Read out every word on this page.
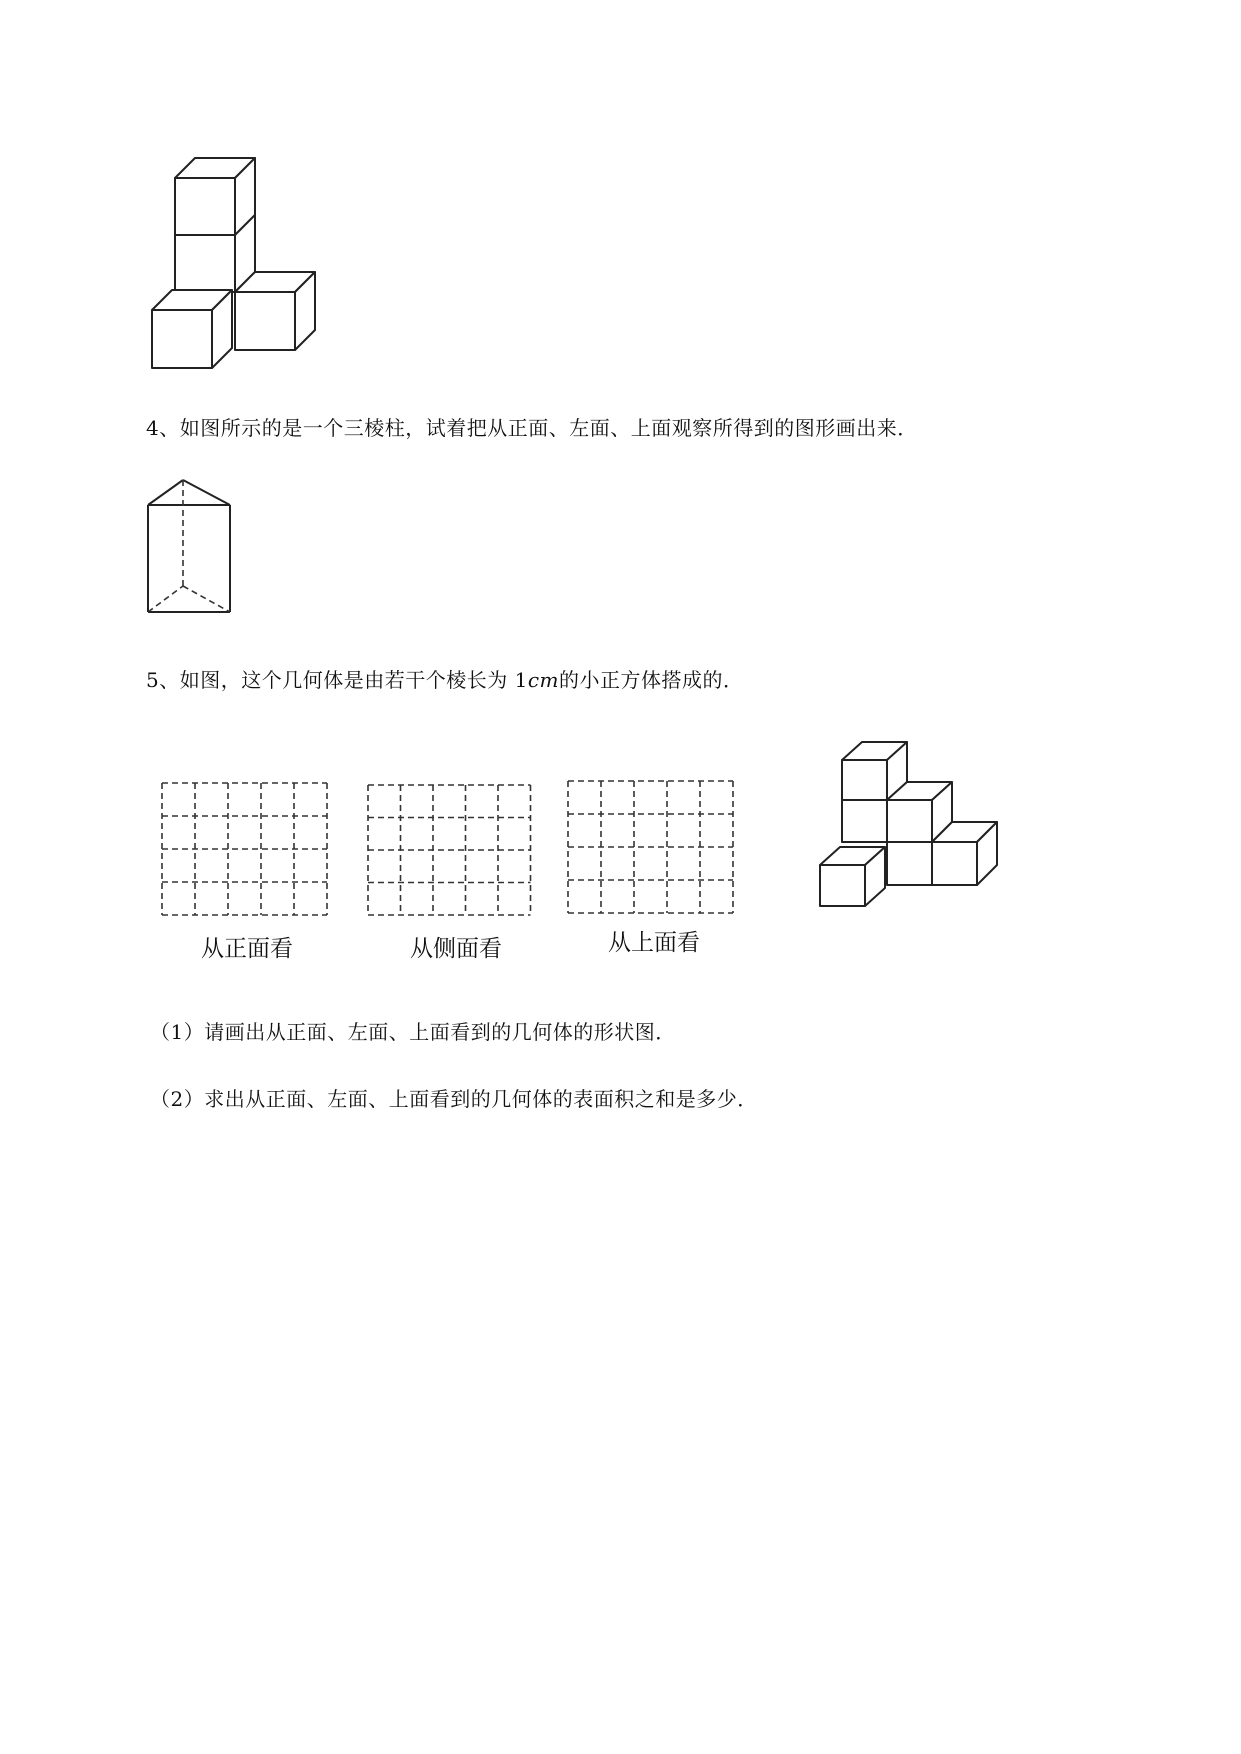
4、如图所示的是一个三棱柱，试着把从正面、左面、上面观察所得到的图形画出来．
5、如图，这个几何体是由若干个棱长为 1cm的小正方体搭成的．
从正面看	从侧面看	从上面看
（1）请画出从正面、左面、上面看到的几何体的形状图．
（2）求出从正面、左面、上面看到的几何体的表面积之和是多少．
